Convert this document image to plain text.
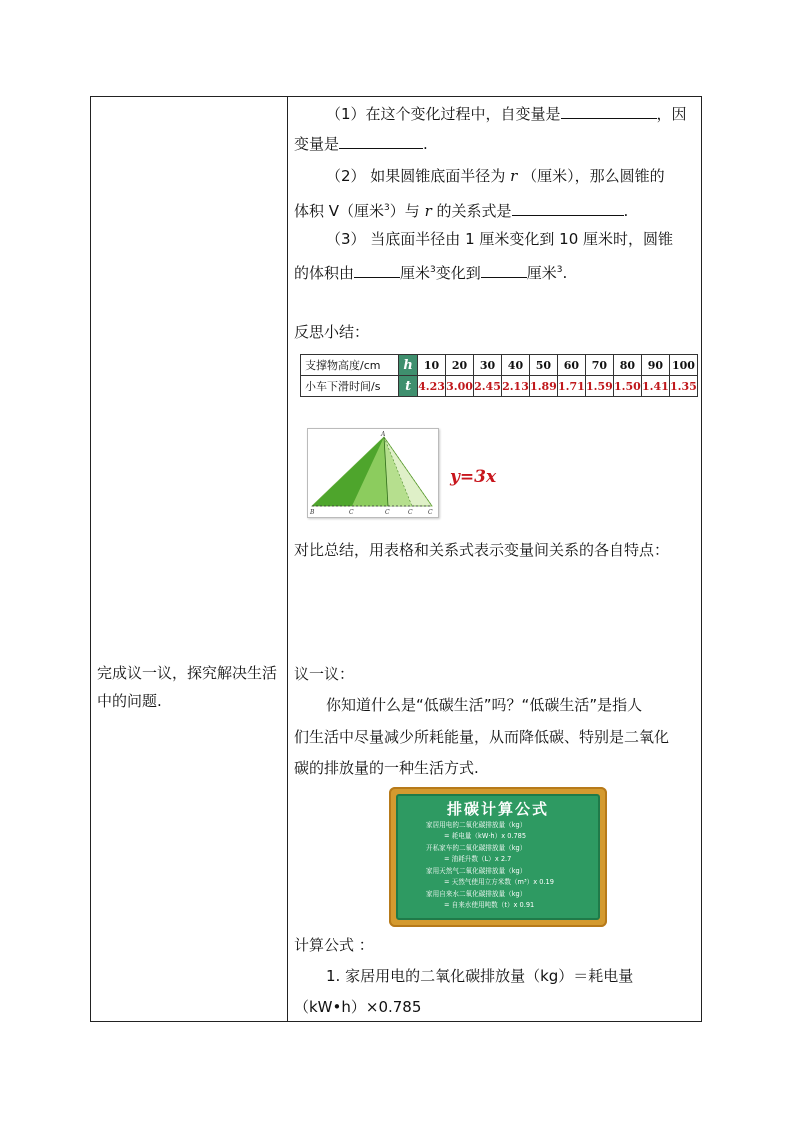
完成议一议，探究解决生活中的问题.
（1）在这个变化过程中，自变量是	，因
变量是	.
（2） 如果圆锥底面半径为 r （厘米），那么圆锥的
体积 V（厘米$^3$）与 r 的关系式是	.
（3） 当底面半径由 1 厘米变化到 10 厘米时，圆锥
的体积由	厘米$^3$变化到	厘米$^3$.
反思小结：
支撑物高度/cm	h	10	20	30	40	50	60	70	80	90	100
小车下滑时间/s	t	4.23	3.00	2.45	2.13	1.89	1.71	1.59	1.50	1.41	1.35
A
B	C	C	C	C
y=3x
对比总结，用表格和关系式表示变量间关系的各自特点：
议一议：
你知道什么是“低碳生活”吗？“低碳生活”是指人
们生活中尽量减少所耗能量，从而降低碳、特别是二氧化
碳的排放量的一种生活方式.
排碳计算公式
家居用电的二氧化碳排放量（kg）
= 耗电量（kW·h）x 0.785
开私家车的二氧化碳排放量（kg）
= 油耗升数（L）x 2.7
家用天然气二氧化碳排放量（kg）
= 天然气使用立方米数（m³）x 0.19
家用自来水二氧化碳排放量（kg）
= 自来水使用吨数（t）x 0.91
计算公式 ：
1. 家居用电的二氧化碳排放量（kg）＝耗电量
（kW•h）×0.785
